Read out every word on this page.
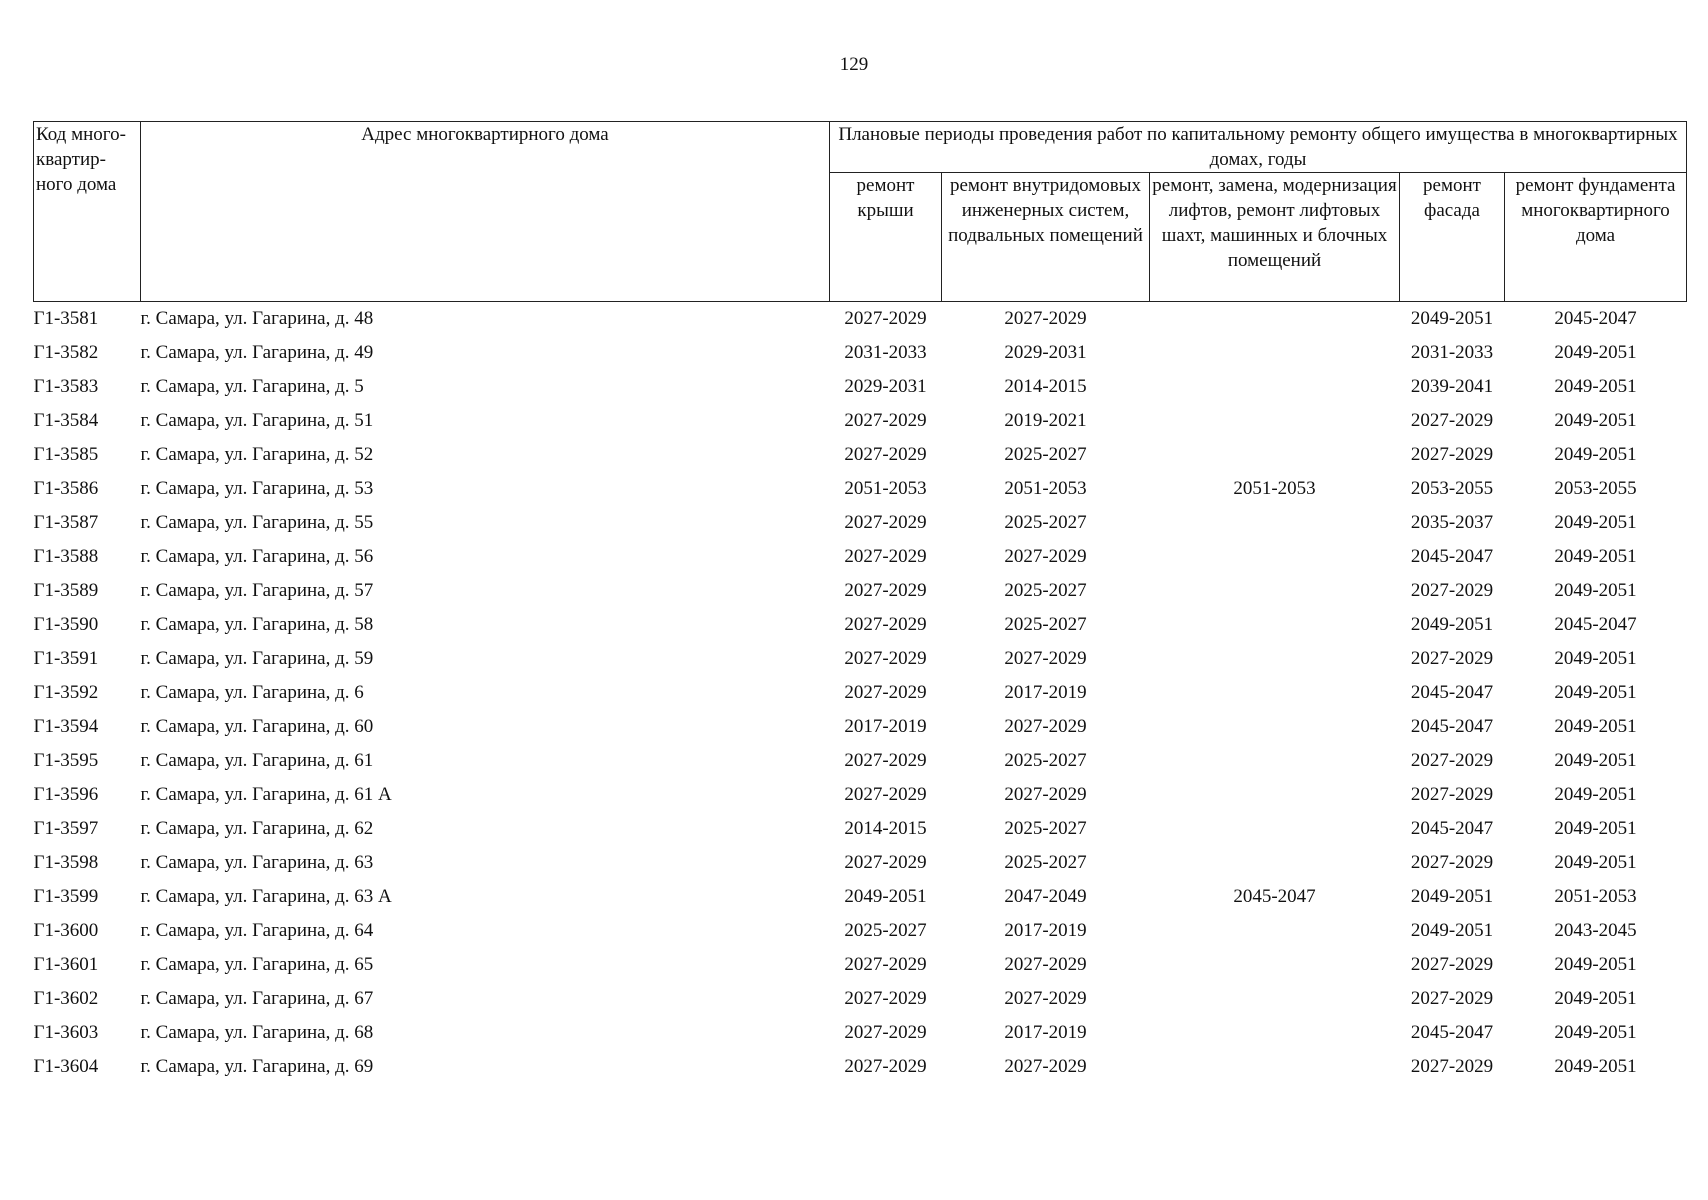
129
Код много-квартир-ного дома	Адрес многоквартирного дома	Плановые периоды проведения работ по капитальному ремонту общего имущества в многоквартирных домах, годы				
		ремонт крыши	ремонт внутридомовых инженерных систем, подвальных помещений	ремонт, замена, модернизация лифтов, ремонт лифтовых шахт, машинных и блочных помещений	ремонт фасада	ремонт фундамента многоквартирного дома
Г1-3581	г. Самара, ул. Гагарина, д. 48	2027-2029	2027-2029		2049-2051	2045-2047
Г1-3582	г. Самара, ул. Гагарина, д. 49	2031-2033	2029-2031		2031-2033	2049-2051
Г1-3583	г. Самара, ул. Гагарина, д. 5	2029-2031	2014-2015		2039-2041	2049-2051
Г1-3584	г. Самара, ул. Гагарина, д. 51	2027-2029	2019-2021		2027-2029	2049-2051
Г1-3585	г. Самара, ул. Гагарина, д. 52	2027-2029	2025-2027		2027-2029	2049-2051
Г1-3586	г. Самара, ул. Гагарина, д. 53	2051-2053	2051-2053	2051-2053	2053-2055	2053-2055
Г1-3587	г. Самара, ул. Гагарина, д. 55	2027-2029	2025-2027		2035-2037	2049-2051
Г1-3588	г. Самара, ул. Гагарина, д. 56	2027-2029	2027-2029		2045-2047	2049-2051
Г1-3589	г. Самара, ул. Гагарина, д. 57	2027-2029	2025-2027		2027-2029	2049-2051
Г1-3590	г. Самара, ул. Гагарина, д. 58	2027-2029	2025-2027		2049-2051	2045-2047
Г1-3591	г. Самара, ул. Гагарина, д. 59	2027-2029	2027-2029		2027-2029	2049-2051
Г1-3592	г. Самара, ул. Гагарина, д. 6	2027-2029	2017-2019		2045-2047	2049-2051
Г1-3594	г. Самара, ул. Гагарина, д. 60	2017-2019	2027-2029		2045-2047	2049-2051
Г1-3595	г. Самара, ул. Гагарина, д. 61	2027-2029	2025-2027		2027-2029	2049-2051
Г1-3596	г. Самара, ул. Гагарина, д. 61 А	2027-2029	2027-2029		2027-2029	2049-2051
Г1-3597	г. Самара, ул. Гагарина, д. 62	2014-2015	2025-2027		2045-2047	2049-2051
Г1-3598	г. Самара, ул. Гагарина, д. 63	2027-2029	2025-2027		2027-2029	2049-2051
Г1-3599	г. Самара, ул. Гагарина, д. 63 А	2049-2051	2047-2049	2045-2047	2049-2051	2051-2053
Г1-3600	г. Самара, ул. Гагарина, д. 64	2025-2027	2017-2019		2049-2051	2043-2045
Г1-3601	г. Самара, ул. Гагарина, д. 65	2027-2029	2027-2029		2027-2029	2049-2051
Г1-3602	г. Самара, ул. Гагарина, д. 67	2027-2029	2027-2029		2027-2029	2049-2051
Г1-3603	г. Самара, ул. Гагарина, д. 68	2027-2029	2017-2019		2045-2047	2049-2051
Г1-3604	г. Самара, ул. Гагарина, д. 69	2027-2029	2027-2029		2027-2029	2049-2051
